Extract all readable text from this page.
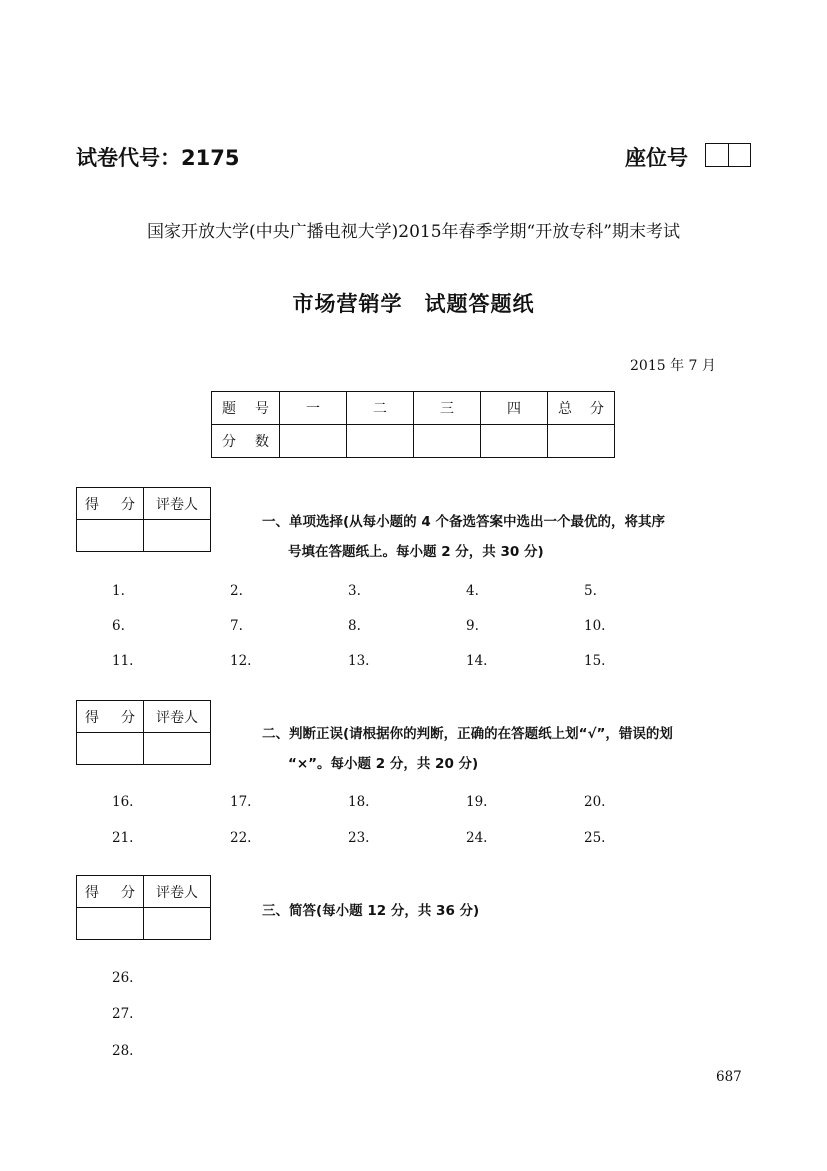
试卷代号：2175	座位号
国家开放大学(中央广播电视大学)2015年春季学期“开放专科”期末考试
市场营销学　试题答题纸
2015 年 7 月
题 号	一	二	三	四	总 分

分 数					

得 分	评卷人

一、单项选择(从每小题的 4 个备选答案中选出一个最优的，将其序
号填在答题纸上。每小题 2 分，共 30 分)
1.	2.	3.	4.	5.
6.	7.	8.	9.	10.
11.	12.	13.	14.	15.
得 分	评卷人

二、判断正误(请根据你的判断，正确的在答题纸上划“√”，错误的划
“×”。每小题 2 分，共 20 分)
16.	17.	18.	19.	20.
21.	22.	23.	24.	25.
得 分	评卷人

三、简答(每小题 12 分，共 36 分)
26.
27.
28.
687
